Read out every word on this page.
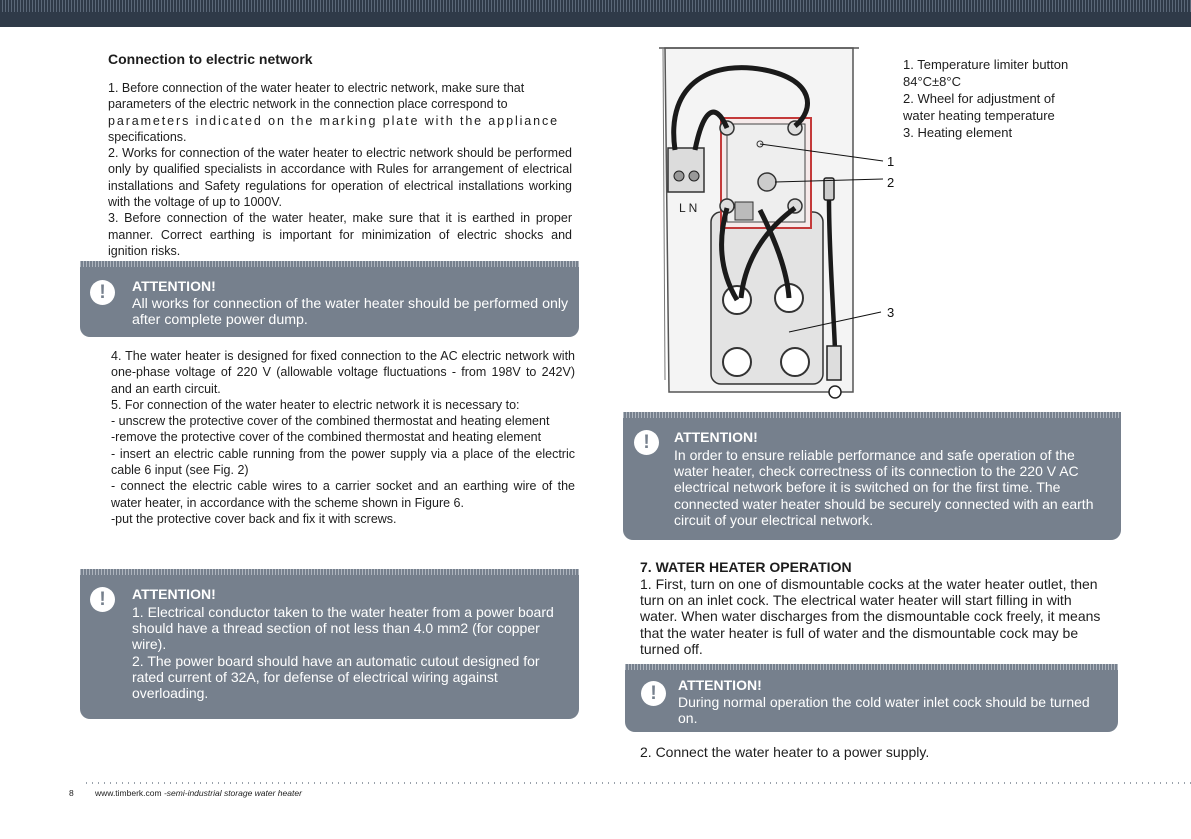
Connection to electric network

1. Before connection of the water heater to electric network, make sure that

parameters of the electric network in the connection place correspond to

parameters indicated on the marking plate with the appliance

specifications.

2. Works for connection of the water heater to electric network should be performed only by qualified specialists in accordance with Rules for arrangement of electrical installations and Safety regulations for operation of electrical installations working with the voltage of up to 1000V.

3. Before connection of the water heater, make sure that it is earthed in proper manner. Correct earthing is important for minimization of electric shocks and ignition risks.

!	ATTENTION!

All works for connection of the water heater should be performed only after complete power dump.

4. The water heater is designed for fixed connection to the AC electric network with one-phase voltage of 220 V (allowable voltage fluctuations - from 198V to 242V) and an earth circuit.

5. For connection of the water heater to electric network it is necessary to:

- unscrew the protective cover of the combined thermostat and heating element

-remove the protective cover of the combined thermostat and heating element

- insert an electric cable running from the power supply via a place of the electric cable 6 input (see Fig. 2)

- connect the electric cable wires to a carrier socket and an earthing wire of the water heater, in accordance with the scheme shown in Figure 6.

-put the protective cover back and fix it with screws.

!	ATTENTION!

1. Electrical conductor taken to the water heater from a power board should have a thread section of not less than 4.0 mm2 (for copper wire).

2. The power board should have an automatic cutout designed for rated current of 32A, for defense of electrical wiring against overloading.

L N
1
2
3

1. Temperature limiter button

84°C±8°C

2. Wheel for adjustment of

water heating temperature

3. Heating element

!	ATTENTION!

In order to ensure reliable performance and safe operation of the water heater, check correctness of its connection to the 220 V AC electrical network before it is switched on for the first time. The connected water heater should be securely connected with an earth circuit of your electrical network.

7. WATER HEATER OPERATION

1. First, turn on one of dismountable cocks at the water heater outlet, then turn on an inlet cock. The electrical water heater will start filling in with water. When water discharges from the dismountable cock freely, it means that the water heater is full of water and the dismountable cock may be turned off.

!	ATTENTION!

During normal operation the cold water inlet cock should be turned on.

2. Connect the water heater to a power supply.

8	www.timberk.com -semi-industrial storage water heater
